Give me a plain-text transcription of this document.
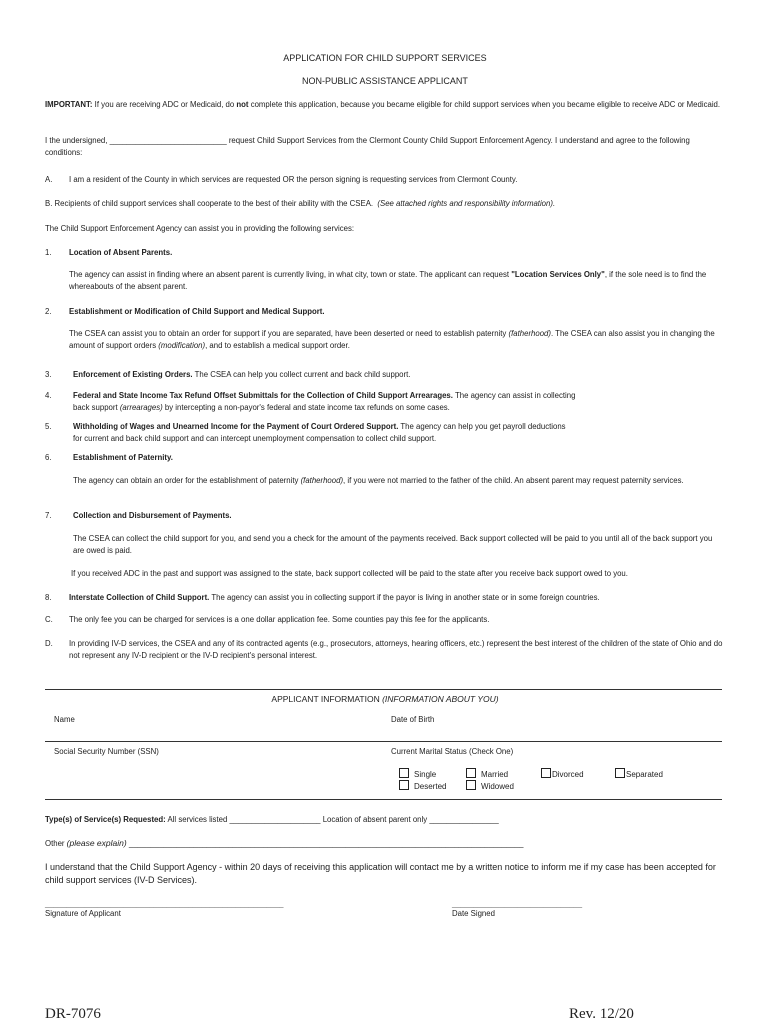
APPLICATION FOR CHILD SUPPORT SERVICES
NON-PUBLIC ASSISTANCE APPLICANT
IMPORTANT: If you are receiving ADC or Medicaid, do not complete this application, because you became eligible for child support services when you became eligible to receive ADC or Medicaid.
I the undersigned, ___________________________ request Child Support Services from the Clermont County Child Support Enforcement Agency. I understand and agree to the following conditions:
A. I am a resident of the County in which services are requested OR the person signing is requesting services from Clermont County.
B. Recipients of child support services shall cooperate to the best of their ability with the CSEA. (See attached rights and responsibility information).
The Child Support Enforcement Agency can assist you in providing the following services:
1. Location of Absent Parents.
The agency can assist in finding where an absent parent is currently living, in what city, town or state. The applicant can request "Location Services Only", if the sole need is to find the whereabouts of the absent parent.
2. Establishment or Modification of Child Support and Medical Support.
The CSEA can assist you to obtain an order for support if you are separated, have been deserted or need to establish paternity (fatherhood). The CSEA can also assist you in changing the amount of support orders (modification), and to establish a medical support order.
3.	Enforcement of Existing Orders. The CSEA can help you collect current and back child support.
4.	Federal and State Income Tax Refund Offset Submittals for the Collection of Child Support Arrearages. The agency can assist in collecting back support (arrearages) by intercepting a non-payor's federal and state income tax refunds on some cases.
5.	Withholding of Wages and Unearned Income for the Payment of Court Ordered Support. The agency can help you get payroll deductions for current and back child support and can intercept unemployment compensation to collect child support.
6.	Establishment of Paternity.
The agency can obtain an order for the establishment of paternity (fatherhood), if you were not married to the father of the child. An absent parent may request paternity services.
7.	Collection and Disbursement of Payments.
The CSEA can collect the child support for you, and send you a check for the amount of the payments received. Back support collected will be paid to you until all of the back support you are owed is paid.
If you received ADC in the past and support was assigned to the state, back support collected will be paid to the state after you receive back support owed to you.
8. Interstate Collection of Child Support. The agency can assist you in collecting support if the payor is living in another state or in some foreign countries.
C. The only fee you can be charged for services is a one dollar application fee. Some counties pay this fee for the applicants.
D. In providing IV-D services, the CSEA and any of its contracted agents (e.g., prosecutors, attorneys, hearing officers, etc.) represent the best interest of the children of the state of Ohio and do not represent any IV-D recipient or the IV-D recipient's personal interest.
APPLICANT INFORMATION (INFORMATION ABOUT YOU)
Name	Date of Birth
Social Security Number (SSN)	Current Marital Status (Check One)
Single	Married	Divorced	Separated
Deserted	Widowed
Type(s) of Service(s) Requested: All services listed _____________________ Location of absent parent only ________________
Other (please explain) ___________________________________________________________________________________________
I understand that the Child Support Agency - within 20 days of receiving this application will contact me by a written notice to inform me if my case has been accepted for child support services (IV-D Services).
_______________________________________________________
Signature of Applicant
______________________________
Date Signed
DR-7076	Rev. 12/20
